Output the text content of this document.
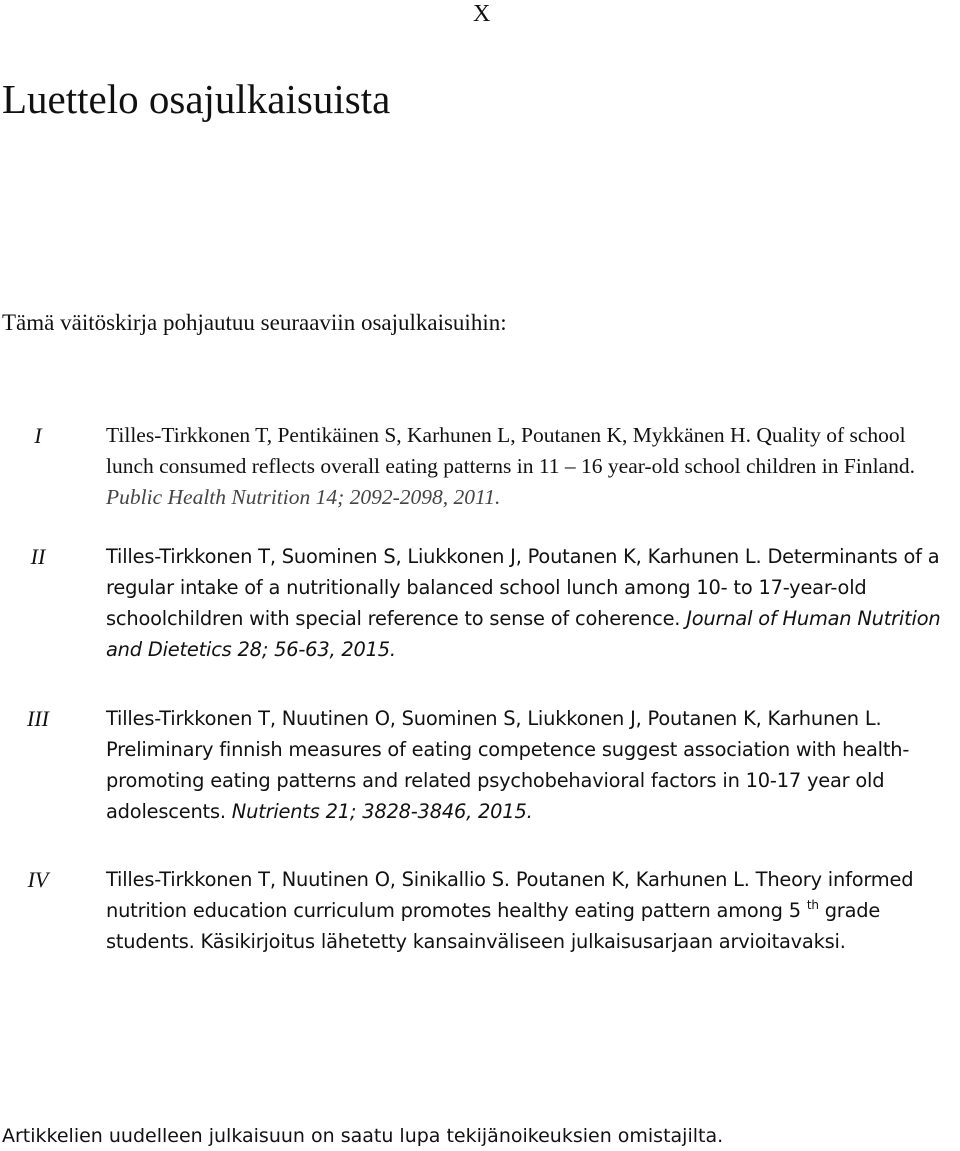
X
Luettelo osajulkaisuista
Tämä väitöskirja pohjautuu seuraaviin osajulkaisuihin:
I	Tilles-Tirkkonen T, Pentikäinen S, Karhunen L, Poutanen K, Mykkänen H. Quality of school lunch consumed reflects overall eating patterns in 11 – 16 year-old school children in Finland. Public Health Nutrition 14; 2092-2098, 2011.
II	Tilles-Tirkkonen T, Suominen S, Liukkonen J, Poutanen K, Karhunen L. Determinants of a regular intake of a nutritionally balanced school lunch among 10- to 17-year-old schoolchildren with special reference to sense of coherence. Journal of Human Nutrition and Dietetics 28; 56-63, 2015.
III	Tilles-Tirkkonen T, Nuutinen O, Suominen S, Liukkonen J, Poutanen K, Karhunen L. Preliminary finnish measures of eating competence suggest association with health-promoting eating patterns and related psychobehavioral factors in 10-17 year old adolescents. Nutrients 21; 3828-3846, 2015.
IV	Tilles-Tirkkonen T, Nuutinen O, Sinikallio S. Poutanen K, Karhunen L. Theory informed nutrition education curriculum promotes healthy eating pattern among 5 $^{th}$ grade students. Käsikirjoitus lähetetty kansainväliseen julkaisusarjaan arvioitavaksi.
Artikkelien uudelleen julkaisuun on saatu lupa tekijänoikeuksien omistajilta.
